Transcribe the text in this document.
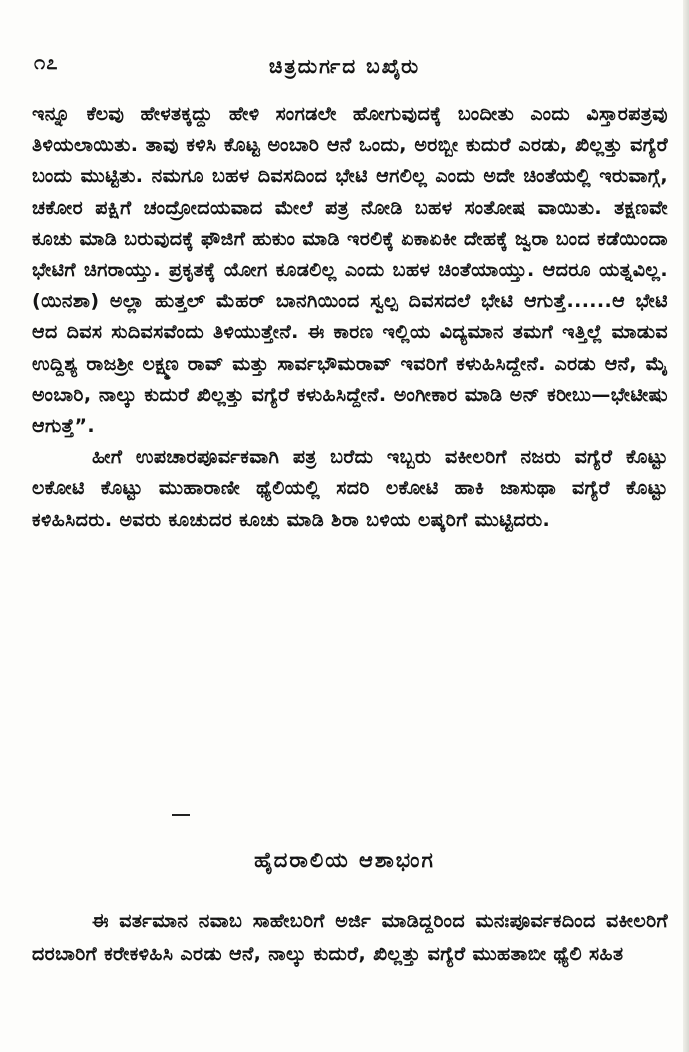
೧೭	ಚಿತ್ರದುರ್ಗದ ಬಖೈರು

ಇನ್ನೂ ಕೆಲವು ಹೇಳತಕ್ಕದ್ದು ಹೇಳಿ ಸಂಗಡಲೇ ಹೋಗುವುದಕ್ಕೆ ಬಂದೀತು ಎಂದು ವಿಸ್ತಾರಪತ್ರವು ತಿಳಿಯಲಾಯಿತು. ತಾವು ಕಳಿಸಿ ಕೊಟ್ಟ ಅಂಬಾರಿ ಆನೆ ಒಂದು, ಅರಬ್ಬೀ ಕುದುರೆ ಎರಡು, ಖಿಲ್ಲತ್ತು ವಗ್ಯೆರೆ ಬಂದು ಮುಟ್ಟಿತು. ನಮಗೂ ಬಹಳ ದಿವಸದಿಂದ ಭೇಟಿ ಆಗಲಿಲ್ಲ ಎಂದು ಅದೇ ಚಿಂತೆಯಲ್ಲಿ ಇರುವಾಗ್ಗೆ, ಚಕೋರ ಪಕ್ಷಿಗೆ ಚಂದ್ರೋದಯವಾದ ಮೇಲೆ ಪತ್ರ ನೋಡಿ ಬಹಳ ಸಂತೋಷ ವಾಯಿತು. ತಕ್ಷಣವೇ ಕೂಚು ಮಾಡಿ ಬರುವುದಕ್ಕೆ ಫೌಜಿಗೆ ಹುಕುಂ ಮಾಡಿ ಇರಲಿಕ್ಕೆ ಏಕಾಏಕೀ ದೇಹಕ್ಕೆ ಜ್ವರಾ ಬಂದ ಕಡೆಯಿಂದಾ ಭೇಟಿಗೆ ಚಿಗರಾಯ್ತು. ಪ್ರಕೃತಕ್ಕೆ ಯೋಗ ಕೂಡಲಿಲ್ಲ ಎಂದು ಬಹಳ ಚಿಂತೆಯಾಯ್ತು. ಆದರೂ ಯತ್ನವಿಲ್ಲ. (ಯಿನಶಾ) ಅಲ್ಲಾ ಹುತ್ತಲ್ ಮೆಹರ್ ಬಾನಗಿಯಿಂದ ಸ್ವಲ್ಪ ದಿವಸದಲೆ ಭೇಟಿ ಆಗುತ್ತೆ......ಆ ಭೇಟಿ ಆದ ದಿವಸ ಸುದಿವಸವೆಂದು ತಿಳಿಯುತ್ತೇನೆ. ಈ ಕಾರಣ ಇಲ್ಲಿಯ ವಿದ್ಯಮಾನ ತಮಗೆ ಇತ್ತಿಲ್ಲೆ ಮಾಡುವ ಉದ್ದಿಶ್ಯ ರಾಜಶ್ರೀ ಲಕ್ಷ್ಮಣ ರಾವ್ ಮತ್ತು ಸಾರ್ವಭೌಮರಾವ್ ಇವರಿಗೆ ಕಳುಹಿಸಿದ್ದೇನೆ. ಎರಡು ಆನೆ, ಮೈ ಅಂಬಾರಿ, ನಾಲ್ಕು ಕುದುರೆ ಖಿಲ್ಲತ್ತು ವಗ್ಯೆರೆ ಕಳುಹಿಸಿದ್ದೇನೆ. ಅಂಗೀಕಾರ ಮಾಡಿ ಅನ್ ಕರೀಬು—ಭೇಟೀಷು ಆಗುತ್ತೆ”.

ಹೀಗೆ ಉಪಚಾರಪೂರ್ವಕವಾಗಿ ಪತ್ರ ಬರೆದು ಇಬ್ಬರು ವಕೀಲರಿಗೆ ನಜರು ವಗ್ಯೆರೆ ಕೊಟ್ಟು ಲಕೋಟಿ ಕೊಟ್ಟು ಮುಹಾರಾಣೀ ಥ್ಯೆಲಿಯಲ್ಲಿ ಸದರಿ ಲಕೋಟಿ ಹಾಕಿ ಜಾಸುಥಾ ವಗ್ಯೆರೆ ಕೊಟ್ಟು ಕಳಿಹಿಸಿದರು. ಅವರು ಕೂಚುದರ ಕೂಚು ಮಾಡಿ ಶಿರಾ ಬಳಿಯ ಲಷ್ಕರಿಗೆ ಮುಟ್ಟಿದರು.

ಹೈದರಾಲಿಯ ಆಶಾಭಂಗ

ಈ ವರ್ತಮಾನ ನವಾಬ ಸಾಹೇಬರಿಗೆ ಅರ್ಜಿ ಮಾಡಿದ್ದರಿಂದ ಮನಃಪೂರ್ವಕದಿಂದ ವಕೀಲರಿಗೆ ದರಬಾರಿಗೆ ಕರೇಕಳಿಹಿಸಿ ಎರಡು ಆನೆ, ನಾಲ್ಕು ಕುದುರೆ, ಖಿಲ್ಲತ್ತು ವಗ್ಯೆರೆ ಮುಹತಾಬೀ ಥ್ಯೆಲಿ ಸಹಿತ
